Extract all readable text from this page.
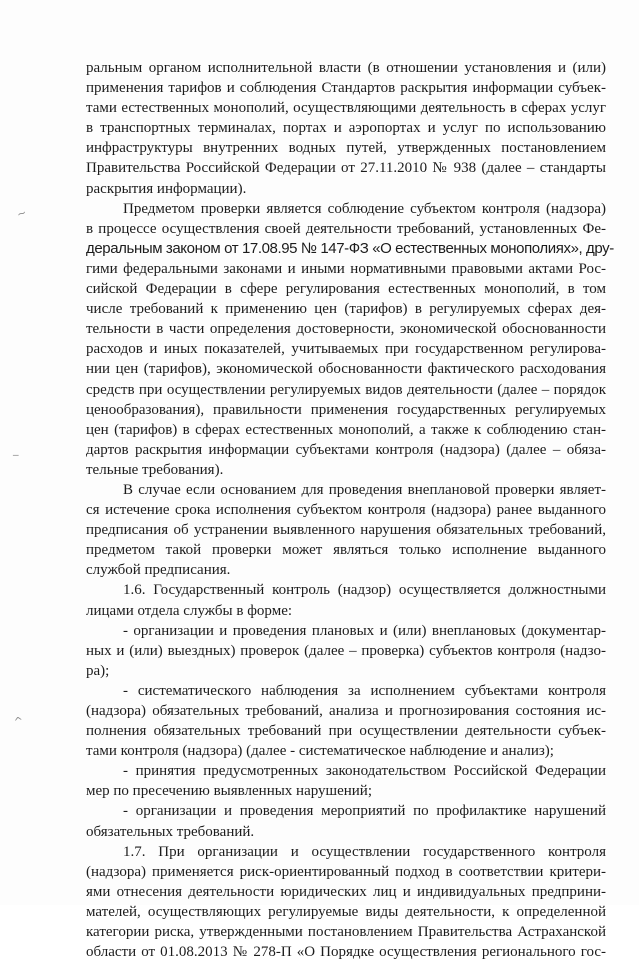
~
‾
^
ральным органом исполнительной власти (в отношении установления и (или)
применения тарифов и соблюдения Стандартов раскрытия информации субъек-
тами естественных монополий, осуществляющими деятельность в сферах услуг
в транспортных терминалах, портах и аэропортах и услуг по использованию
инфраструктуры внутренних водных путей, утвержденных постановлением
Правительства Российской Федерации от 27.11.2010 № 938 (далее – стандарты
раскрытия информации).
Предметом проверки является соблюдение субъектом контроля (надзора)
в процессе осуществления своей деятельности требований, установленных Фе-
деральным законом от 17.08.95 № 147-ФЗ «О естественных монополиях», дру-
гими федеральными законами и иными нормативными правовыми актами Рос-
сийской Федерации в сфере регулирования естественных монополий, в том
числе требований к применению цен (тарифов) в регулируемых сферах дея-
тельности в части определения достоверности, экономической обоснованности
расходов и иных показателей, учитываемых при государственном регулирова-
нии цен (тарифов), экономической обоснованности фактического расходования
средств при осуществлении регулируемых видов деятельности (далее – порядок
ценообразования), правильности применения государственных регулируемых
цен (тарифов) в сферах естественных монополий, а также к соблюдению стан-
дартов раскрытия информации субъектами контроля (надзора) (далее – обяза-
тельные требования).
В случае если основанием для проведения внеплановой проверки являет-
ся истечение срока исполнения субъектом контроля (надзора) ранее выданного
предписания об устранении выявленного нарушения обязательных требований,
предметом такой проверки может являться только исполнение выданного
службой предписания.
1.6. Государственный контроль (надзор) осуществляется должностными
лицами отдела службы в форме:
- организации и проведения плановых и (или) внеплановых (документар-
ных и (или) выездных) проверок (далее – проверка) субъектов контроля (надзо-
ра);
- систематического наблюдения за исполнением субъектами контроля
(надзора) обязательных требований, анализа и прогнозирования состояния ис-
полнения обязательных требований при осуществлении деятельности субъек-
тами контроля (надзора) (далее - систематическое наблюдение и анализ);
- принятия предусмотренных законодательством Российской Федерации
мер по пресечению выявленных нарушений;
- организации и проведения мероприятий по профилактике нарушений
обязательных требований.
1.7. При организации и осуществлении государственного контроля
(надзора) применяется риск-ориентированный подход в соответствии критери-
ями отнесения деятельности юридических лиц и индивидуальных предприни-
мателей, осуществляющих регулируемые виды деятельности, к определенной
категории риска, утвержденными постановлением Правительства Астраханской
области от 01.08.2013 № 278-П «О Порядке осуществления регионального гос-
